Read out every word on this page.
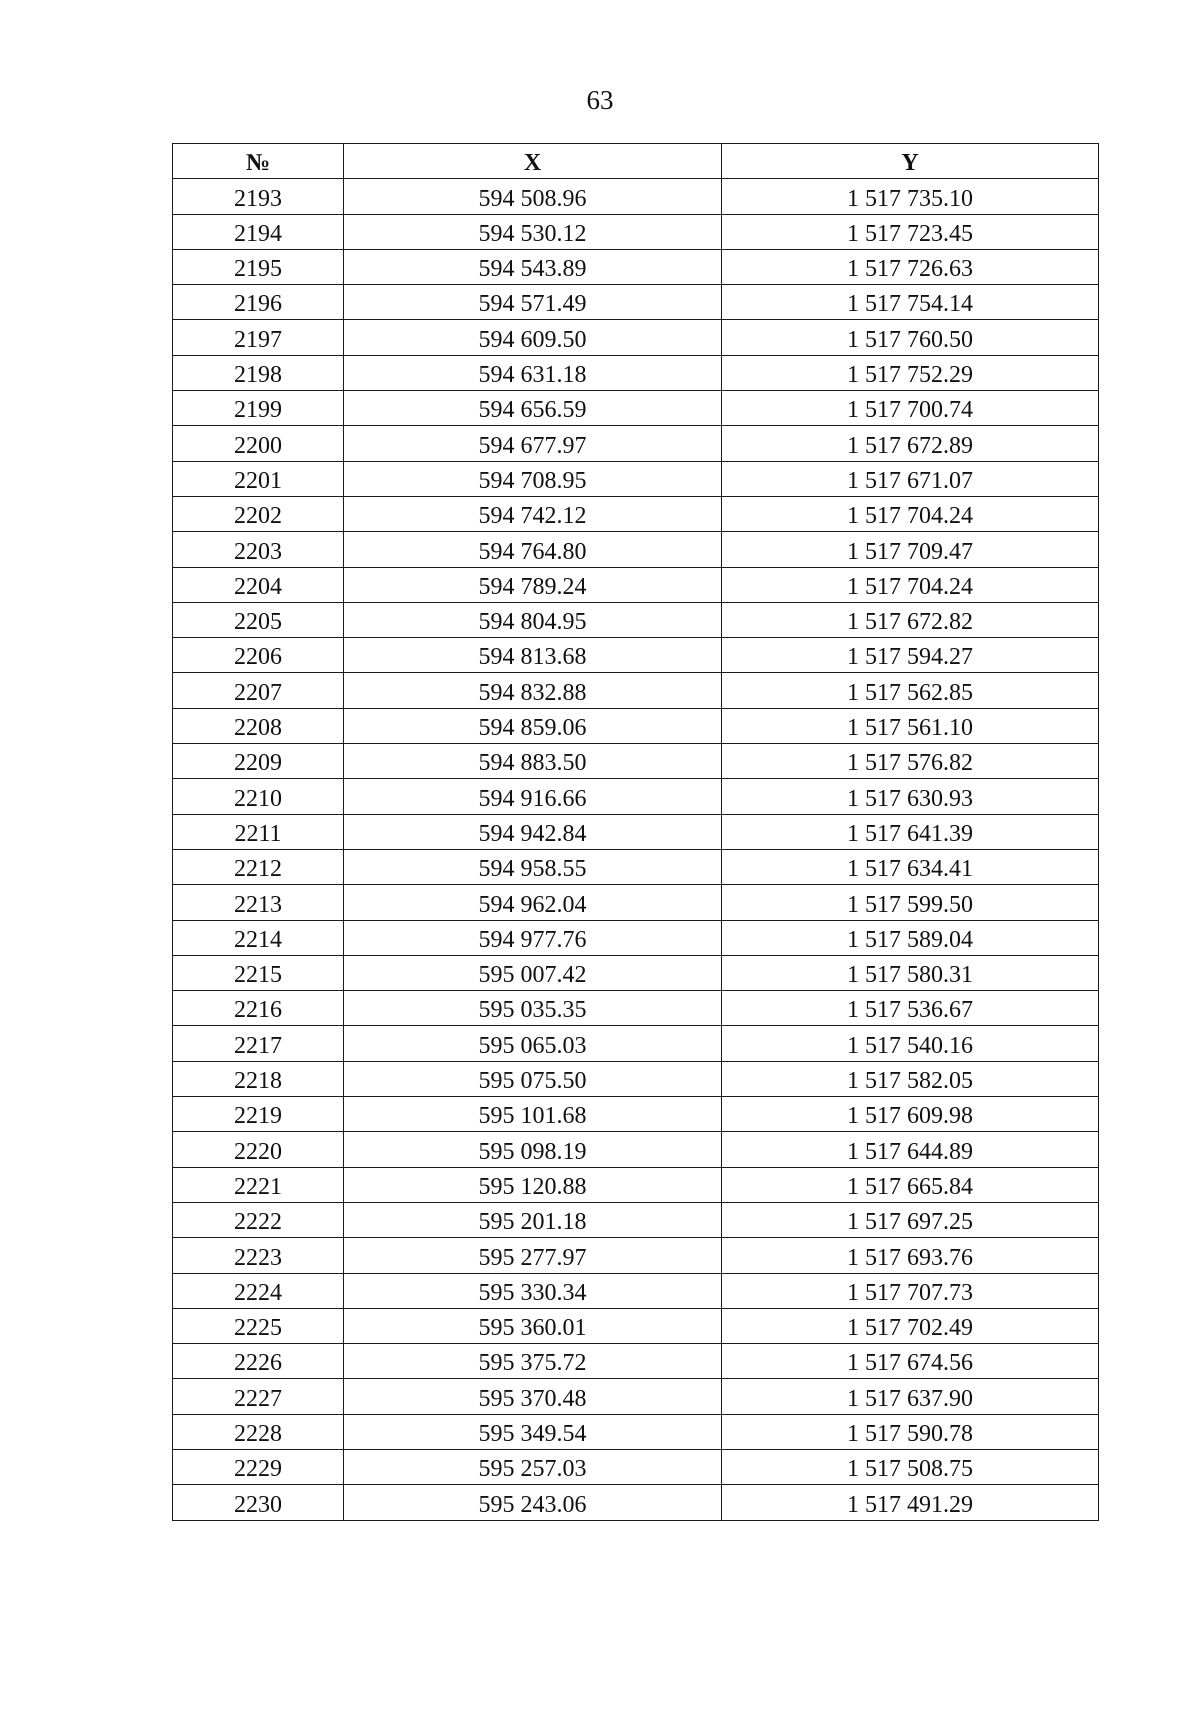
63
№	X	Y
2193	594 508.96	1 517 735.10
2194	594 530.12	1 517 723.45
2195	594 543.89	1 517 726.63
2196	594 571.49	1 517 754.14
2197	594 609.50	1 517 760.50
2198	594 631.18	1 517 752.29
2199	594 656.59	1 517 700.74
2200	594 677.97	1 517 672.89
2201	594 708.95	1 517 671.07
2202	594 742.12	1 517 704.24
2203	594 764.80	1 517 709.47
2204	594 789.24	1 517 704.24
2205	594 804.95	1 517 672.82
2206	594 813.68	1 517 594.27
2207	594 832.88	1 517 562.85
2208	594 859.06	1 517 561.10
2209	594 883.50	1 517 576.82
2210	594 916.66	1 517 630.93
2211	594 942.84	1 517 641.39
2212	594 958.55	1 517 634.41
2213	594 962.04	1 517 599.50
2214	594 977.76	1 517 589.04
2215	595 007.42	1 517 580.31
2216	595 035.35	1 517 536.67
2217	595 065.03	1 517 540.16
2218	595 075.50	1 517 582.05
2219	595 101.68	1 517 609.98
2220	595 098.19	1 517 644.89
2221	595 120.88	1 517 665.84
2222	595 201.18	1 517 697.25
2223	595 277.97	1 517 693.76
2224	595 330.34	1 517 707.73
2225	595 360.01	1 517 702.49
2226	595 375.72	1 517 674.56
2227	595 370.48	1 517 637.90
2228	595 349.54	1 517 590.78
2229	595 257.03	1 517 508.75
2230	595 243.06	1 517 491.29
